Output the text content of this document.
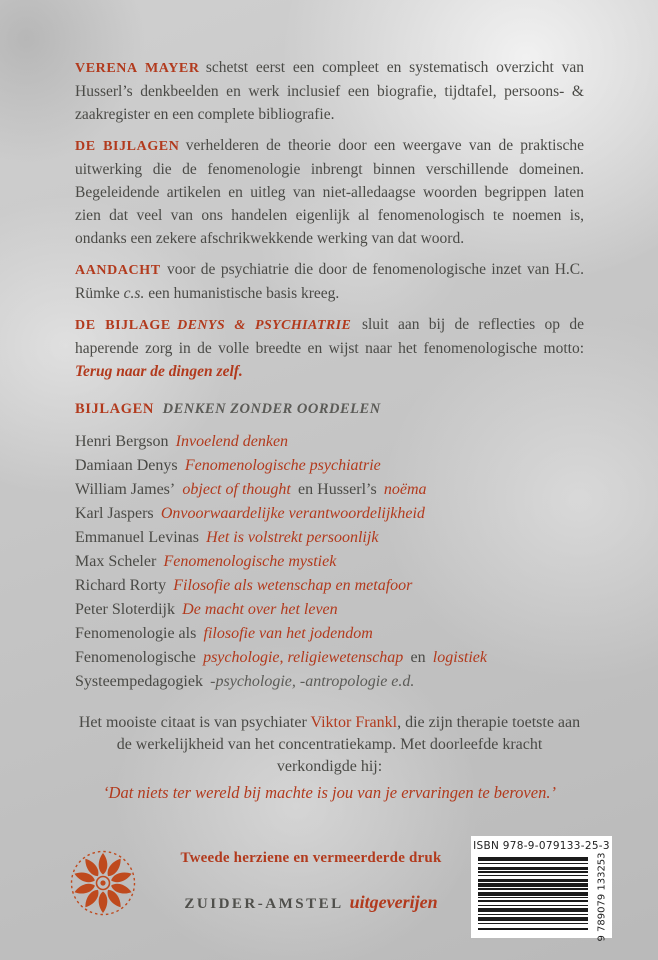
VERENA MAYER schetst eerst een compleet en systematisch overzicht van Husserl’s denkbeelden en werk inclusief een biografie, tijdtafel, persoons- & zaakregister en een complete bibliografie.

DE BIJLAGEN verhelderen de theorie door een weergave van de praktische uitwerking die de fenomenologie inbrengt binnen verschillende domeinen. Begeleidende artikelen en uitleg van niet-alledaagse woorden begrippen laten zien dat veel van ons handelen eigenlijk al fenomenologisch te noemen is, ondanks een zekere afschrikwekkende werking van dat woord.

AANDACHT voor de psychiatrie die door de fenomenologische inzet van H.C. Rümke c.s. een humanistische basis kreeg.

DE BIJLAGE DENYS & PSYCHIATRIE sluit aan bij de reflecties op de haperende zorg in de volle breedte en wijst naar het fenomenologische motto: Terug naar de dingen zelf.

BIJLAGEN DENKEN ZONDER OORDELEN
Henri Bergson Invoelend denken
Damiaan Denys Fenomenologische psychiatrie
William James’ object of thought en Husserl’s noëma
Karl Jaspers Onvoorwaardelijke verantwoordelijkheid
Emmanuel Levinas Het is volstrekt persoonlijk
Max Scheler Fenomenologische mystiek
Richard Rorty Filosofie als wetenschap en metafoor
Peter Sloterdijk De macht over het leven
Fenomenologie als filosofie van het jodendom
Fenomenologische psychologie, religiewetenschap en logistiek
Systeempedagogiek -psychologie, -antropologie e.d.
Het mooiste citaat is van psychiater Viktor Frankl, die zijn therapie toetste aan de werkelijkheid van het concentratiekamp. Met doorleefde kracht verkondigde hij:
‘Dat niets ter wereld bij machte is jou van je ervaringen te beroven.’
Tweede herziene en vermeerderde druk
ZUIDER-AMSTEL uitgeverijen
ISBN 978-9-079133-25-3
9 789079 133253
